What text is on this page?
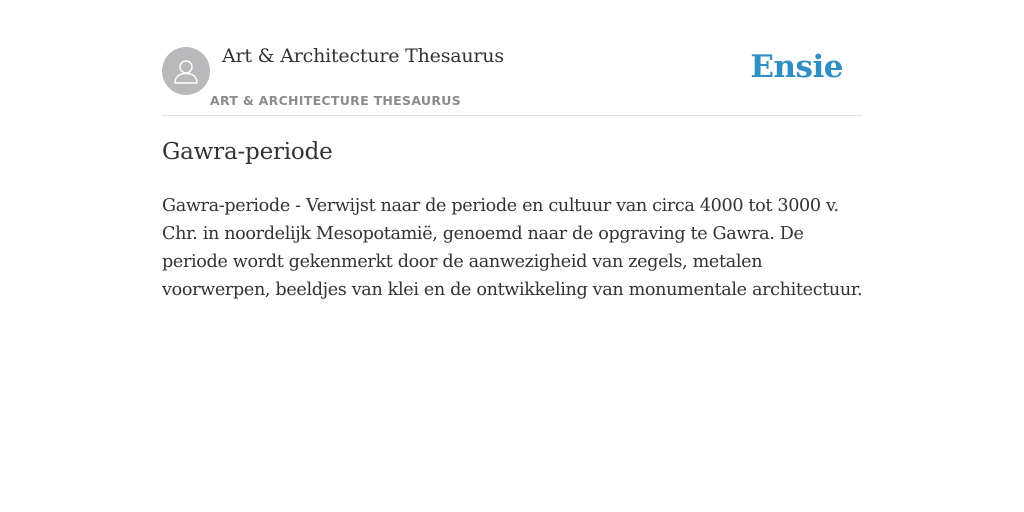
Art & Architecture Thesaurus
ART & ARCHITECTURE THESAURUS
Ensie
Gawra-periode

Gawra-periode - Verwijst naar de periode en cultuur van circa 4000 tot 3000 v. Chr. in noordelijk Mesopotamië, genoemd naar de opgraving te Gawra. De periode wordt gekenmerkt door de aanwezigheid van zegels, metalen voorwerpen, beeldjes van klei en de ontwikkeling van monumentale architectuur.
